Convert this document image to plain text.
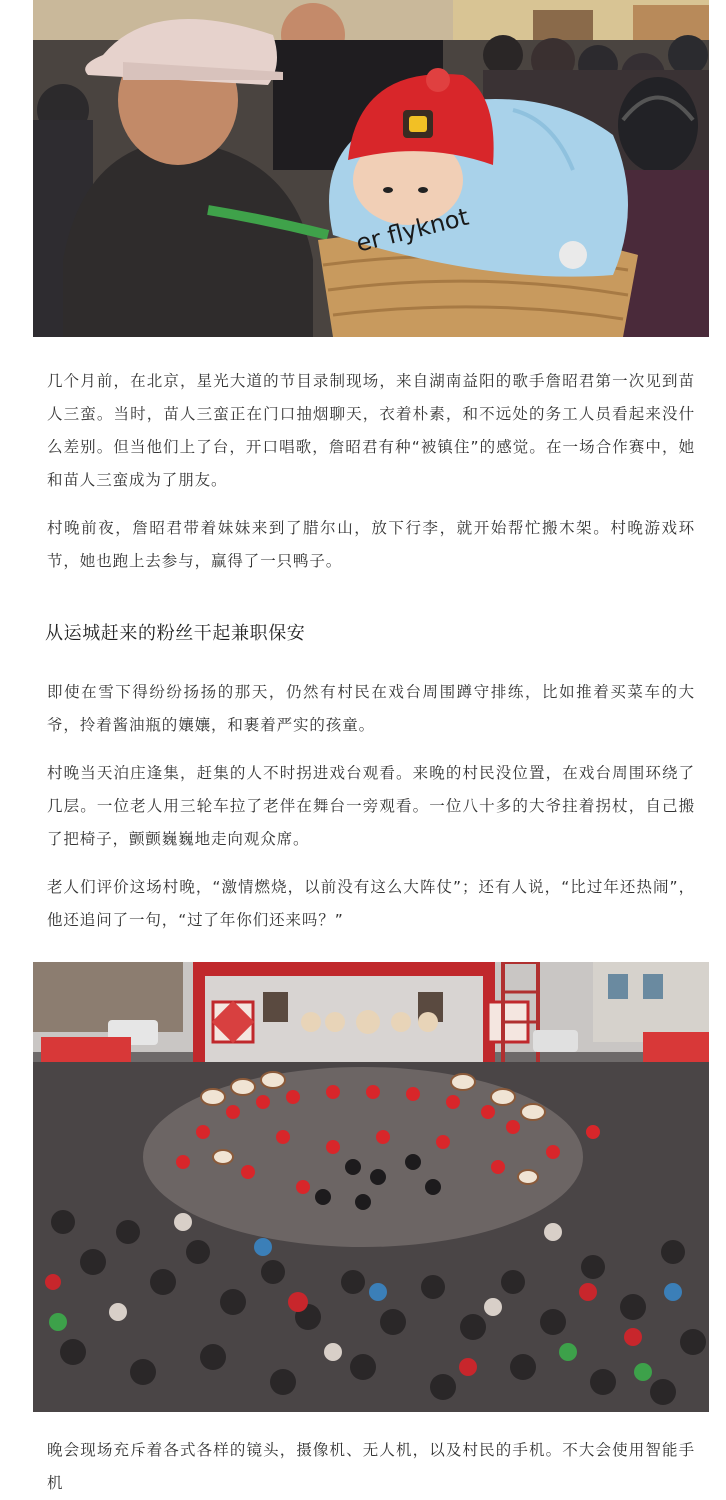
er flyknot

几个月前，在北京，星光大道的节目录制现场，来自湖南益阳的歌手詹昭君第一次见到苗人三蛮。当时，苗人三蛮正在门口抽烟聊天，衣着朴素，和不远处的务工人员看起来没什么差别。但当他们上了台，开口唱歌，詹昭君有种“被镇住”的感觉。在一场合作赛中，她和苗人三蛮成为了朋友。

村晚前夜，詹昭君带着妹妹来到了腊尔山，放下行李，就开始帮忙搬木架。村晚游戏环节，她也跑上去参与，赢得了一只鸭子。

从运城赶来的粉丝干起兼职保安

即使在雪下得纷纷扬扬的那天，仍然有村民在戏台周围蹲守排练，比如推着买菜车的大爷，拎着酱油瓶的孃孃，和裹着严实的孩童。

村晚当天泊庄逢集，赶集的人不时拐进戏台观看。来晚的村民没位置，在戏台周围环绕了几层。一位老人用三轮车拉了老伴在舞台一旁观看。一位八十多的大爷拄着拐杖，自己搬了把椅子，颤颤巍巍地走向观众席。

老人们评价这场村晚，“激情燃烧，以前没有这么大阵仗”；还有人说，“比过年还热闹”，他还追问了一句，“过了年你们还来吗？”

晚会现场充斥着各式各样的镜头，摄像机、无人机，以及村民的手机。不大会使用智能手机
